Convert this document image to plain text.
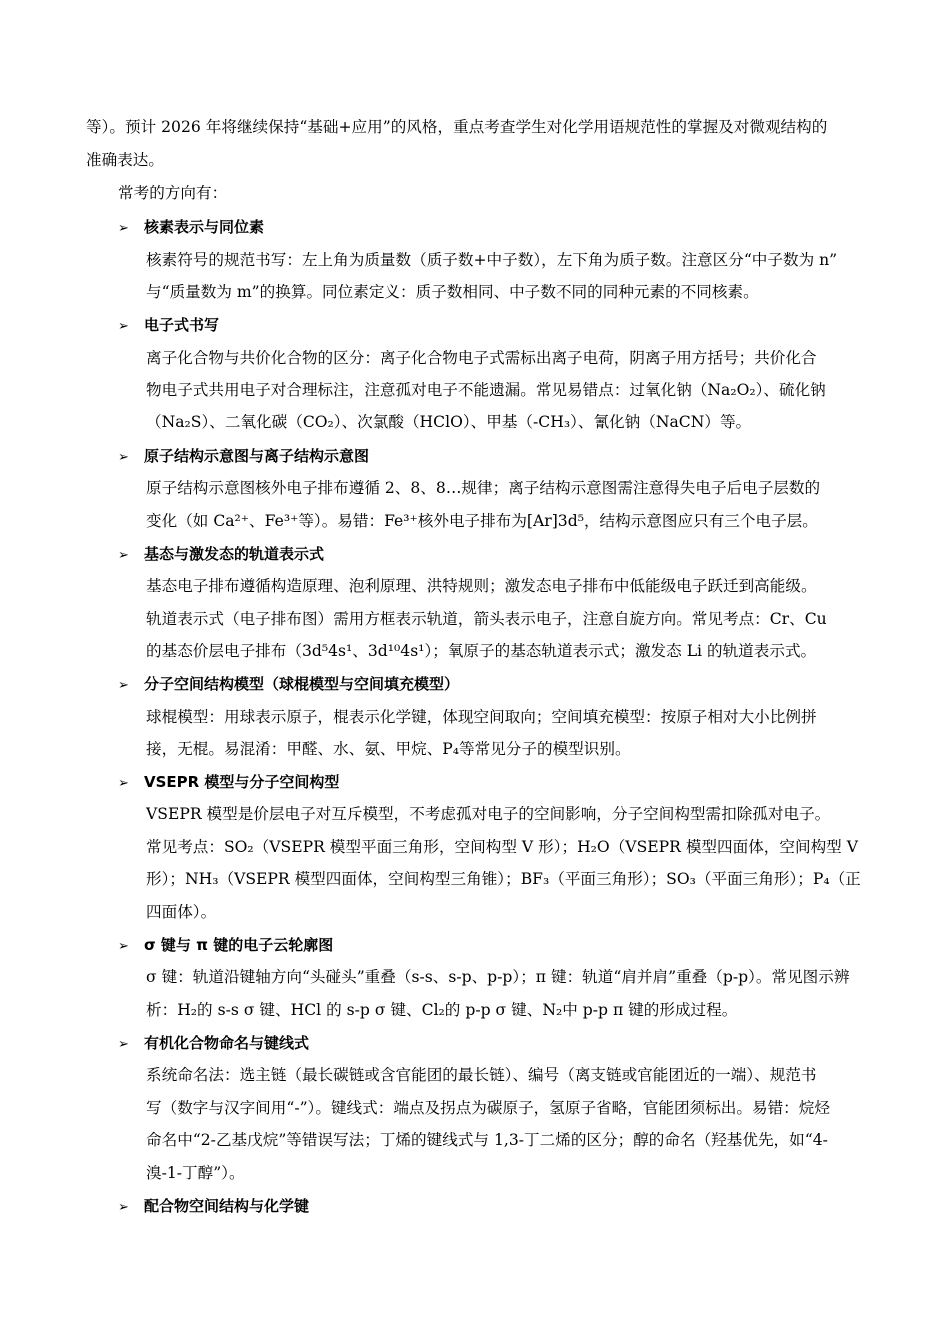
等）。预计 2026 年将继续保持“基础+应用”的风格，重点考查学生对化学用语规范性的掌握及对微观结构的
准确表达。
常考的方向有：
➢ 核素表示与同位素
核素符号的规范书写：左上角为质量数（质子数+中子数），左下角为质子数。注意区分“中子数为 n”
与“质量数为 m”的换算。同位素定义：质子数相同、中子数不同的同种元素的不同核素。
➢ 电子式书写
离子化合物与共价化合物的区分：离子化合物电子式需标出离子电荷，阴离子用方括号；共价化合
物电子式共用电子对合理标注，注意孤对电子不能遗漏。常见易错点：过氧化钠（Na₂O₂）、硫化钠
（Na₂S）、二氧化碳（CO₂）、次氯酸（HClO）、甲基（-CH₃）、氰化钠（NaCN）等。
➢ 原子结构示意图与离子结构示意图
原子结构示意图核外电子排布遵循 2、8、8…规律；离子结构示意图需注意得失电子后电子层数的
变化（如 Ca²⁺、Fe³⁺等）。易错：Fe³⁺核外电子排布为[Ar]3d⁵，结构示意图应只有三个电子层。
➢ 基态与激发态的轨道表示式
基态电子排布遵循构造原理、泡利原理、洪特规则；激发态电子排布中低能级电子跃迁到高能级。
轨道表示式（电子排布图）需用方框表示轨道，箭头表示电子，注意自旋方向。常见考点：Cr、Cu
的基态价层电子排布（3d⁵4s¹、3d¹⁰4s¹）；氧原子的基态轨道表示式；激发态 Li 的轨道表示式。
➢ 分子空间结构模型（球棍模型与空间填充模型）
球棍模型：用球表示原子，棍表示化学键，体现空间取向；空间填充模型：按原子相对大小比例拼
接，无棍。易混淆：甲醛、水、氨、甲烷、P₄等常见分子的模型识别。
➢ VSEPR 模型与分子空间构型
VSEPR 模型是价层电子对互斥模型，不考虑孤对电子的空间影响，分子空间构型需扣除孤对电子。
常见考点：SO₂（VSEPR 模型平面三角形，空间构型 V 形）；H₂O（VSEPR 模型四面体，空间构型 V
形）；NH₃（VSEPR 模型四面体，空间构型三角锥）；BF₃（平面三角形）；SO₃（平面三角形）；P₄（正
四面体）。
➢ σ 键与 π 键的电子云轮廓图
σ 键：轨道沿键轴方向“头碰头”重叠（s-s、s-p、p-p）；π 键：轨道“肩并肩”重叠（p-p）。常见图示辨
析：H₂的 s-s σ 键、HCl 的 s-p σ 键、Cl₂的 p-p σ 键、N₂中 p-p π 键的形成过程。
➢ 有机化合物命名与键线式
系统命名法：选主链（最长碳链或含官能团的最长链）、编号（离支链或官能团近的一端）、规范书
写（数字与汉字间用“-”）。键线式：端点及拐点为碳原子，氢原子省略，官能团须标出。易错：烷烃
命名中“2-乙基戊烷”等错误写法；丁烯的键线式与 1,3-丁二烯的区分；醇的命名（羟基优先，如“4-
溴-1-丁醇”）。
➢ 配合物空间结构与化学键
